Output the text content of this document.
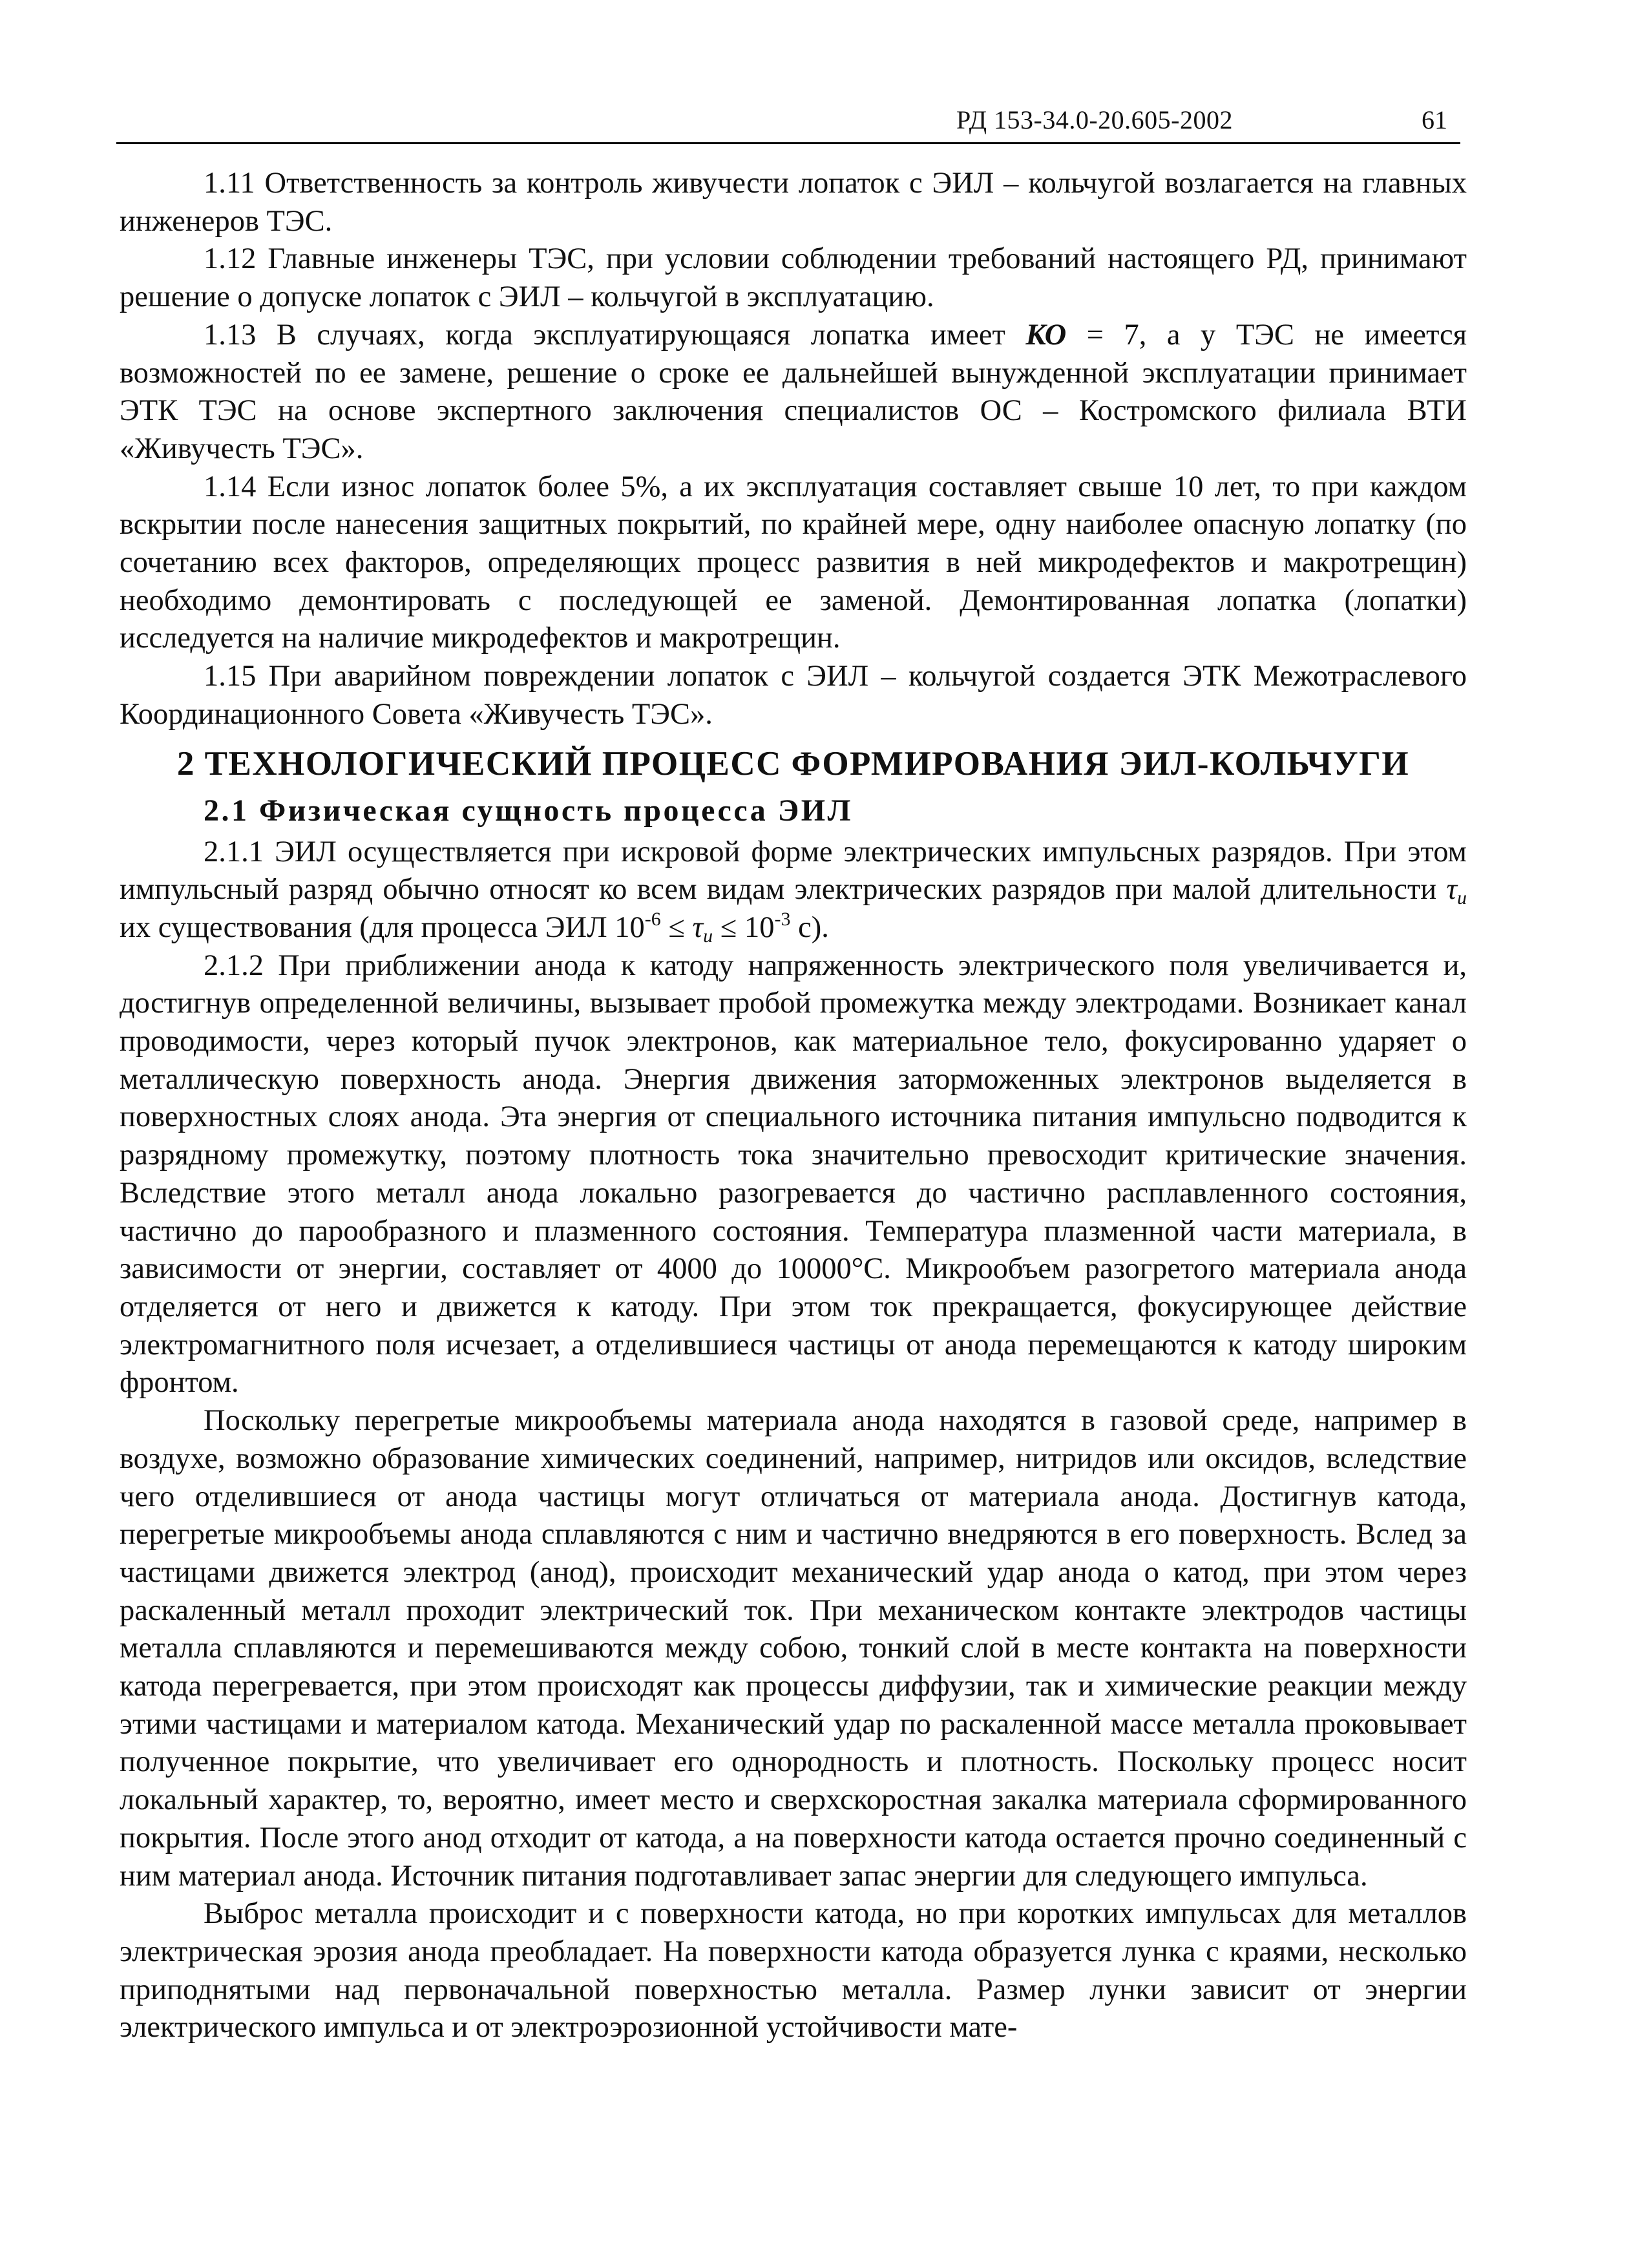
РД 153-34.0-20.605-2002	61

1.11 Ответственность за контроль живучести лопаток с ЭИЛ – кольчугой возлагается на главных инженеров ТЭС.

1.12 Главные инженеры ТЭС, при условии соблюдении требований настоящего РД, принимают решение о допуске лопаток с ЭИЛ – кольчугой в эксплуатацию.

1.13 В случаях, когда эксплуатирующаяся лопатка имеет КО = 7, а у ТЭС не имеется возможностей по ее замене, решение о сроке ее дальнейшей вынужденной эксплуатации принимает ЭТК ТЭС на основе экспертного заключения специалистов ОС – Костромского филиала ВТИ «Живучесть ТЭС».

1.14 Если износ лопаток более 5%, а их эксплуатация составляет свыше 10 лет, то при каждом вскрытии после нанесения защитных покрытий, по крайней мере, одну наиболее опасную лопатку (по сочетанию всех факторов, определяющих процесс развития в ней микродефектов и макротрещин) необходимо демонтировать с последующей ее заменой. Демонтированная лопатка (лопатки) исследуется на наличие микродефектов и макротрещин.

1.15 При аварийном повреждении лопаток с ЭИЛ – кольчугой создается ЭТК Межотраслевого Координационного Совета «Живучесть ТЭС».

2 ТЕХНОЛОГИЧЕСКИЙ ПРОЦЕСС ФОРМИРОВАНИЯ ЭИЛ-КОЛЬЧУГИ
2.1 Физическая сущность процесса ЭИЛ

2.1.1 ЭИЛ осуществляется при искровой форме электрических импульсных разрядов. При этом импульсный разряд обычно относят ко всем видам электрических разрядов при малой длительности $\tau_u$ их существования (для процесса ЭИЛ $10^{-6} \le \tau_u \le 10^{-3}$ с).

2.1.2 При приближении анода к катоду напряженность электрического поля увеличивается и, достигнув определенной величины, вызывает пробой промежутка между электродами. Возникает канал проводимости, через который пучок электронов, как материальное тело, фокусированно ударяет о металлическую поверхность анода. Энергия движения заторможенных электронов выделяется в поверхностных слоях анода. Эта энергия от специального источника питания импульсно подводится к разрядному промежутку, поэтому плотность тока значительно превосходит критические значения. Вследствие этого металл анода локально разогревается до частично расплавленного состояния, частично до парообразного и плазменного состояния. Температура плазменной части материала, в зависимости от энергии, составляет от 4000 до 10000°С. Микрообъем разогретого материала анода отделяется от него и движется к катоду. При этом ток прекращается, фокусирующее действие электромагнитного поля исчезает, а отделившиеся частицы от анода перемещаются к катоду широким фронтом.

Поскольку перегретые микрообъемы материала анода находятся в газовой среде, например в воздухе, возможно образование химических соединений, например, нитридов или оксидов, вследствие чего отделившиеся от анода частицы могут отличаться от материала анода. Достигнув катода, перегретые микрообъемы анода сплавляются с ним и частично внедряются в его поверхность. Вслед за частицами движется электрод (анод), происходит механический удар анода о катод, при этом через раскаленный металл проходит электрический ток. При механическом контакте электродов частицы металла сплавляются и перемешиваются между собою, тонкий слой в месте контакта на поверхности катода перегревается, при этом происходят как процессы диффузии, так и химические реакции между этими частицами и материалом катода. Механический удар по раскаленной массе металла проковывает полученное покрытие, что увеличивает его однородность и плотность. Поскольку процесс носит локальный характер, то, вероятно, имеет место и сверхскоростная закалка материала сформированного покрытия. После этого анод отходит от катода, а на поверхности катода остается прочно соединенный с ним материал анода. Источник питания подготавливает запас энергии для следующего импульса.

Выброс металла происходит и с поверхности катода, но при коротких импульсах для металлов электрическая эрозия анода преобладает. На поверхности катода образуется лунка с краями, несколько приподнятыми над первоначальной поверхностью металла. Размер лунки зависит от энергии электрического импульса и от электроэрозионной устойчивости мате-
